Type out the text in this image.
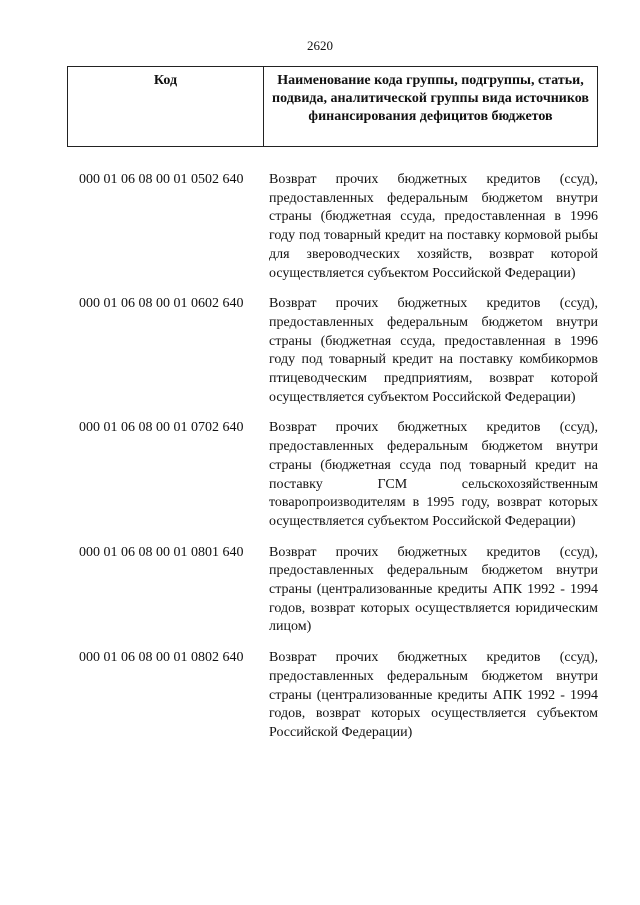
2620
Код	Наименование кода группы, подгруппы, статьи, подвида, аналитической группы вида источников финансирования дефицитов бюджетов
000 01 06 08 00 01 0502 640	Возврат прочих бюджетных кредитов (ссуд), предоставленных федеральным бюджетом внутри страны (бюджетная ссуда, предоставленная в 1996 году под товарный кредит на поставку кормовой рыбы для звероводческих хозяйств, возврат которой осуществляется субъектом Российской Федерации)
000 01 06 08 00 01 0602 640	Возврат прочих бюджетных кредитов (ссуд), предоставленных федеральным бюджетом внутри страны (бюджетная ссуда, предоставленная в 1996 году под товарный кредит на поставку комбикормов птицеводческим предприятиям, возврат которой осуществляется субъектом Российской Федерации)
000 01 06 08 00 01 0702 640	Возврат прочих бюджетных кредитов (ссуд), предоставленных федеральным бюджетом внутри страны (бюджетная ссуда под товарный кредит на поставку ГСМ сельскохозяйственным товаропроизводителям в 1995 году, возврат которых осуществляется субъектом Российской Федерации)
000 01 06 08 00 01 0801 640	Возврат прочих бюджетных кредитов (ссуд), предоставленных федеральным бюджетом внутри страны (централизованные кредиты АПК 1992 - 1994 годов, возврат которых осуществляется юридическим лицом)
000 01 06 08 00 01 0802 640	Возврат прочих бюджетных кредитов (ссуд), предоставленных федеральным бюджетом внутри страны (централизованные кредиты АПК 1992 - 1994 годов, возврат которых осуществляется субъектом Российской Федерации)
